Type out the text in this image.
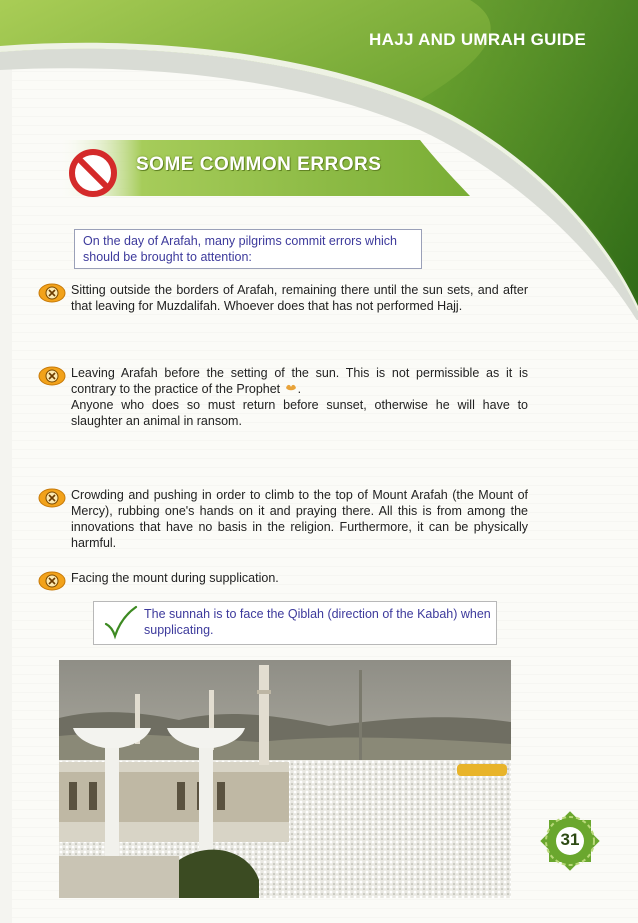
HAJJ AND UMRAH GUIDE
SOME COMMON ERRORS
On the day of Arafah, many pilgrims commit errors which should be brought to attention:

Sitting outside the borders of Arafah, remaining there until the sun sets, and after that leaving for Muzdalifah. Whoever does that has not performed Hajj.

Leaving Arafah before the setting of the sun. This is not permissible as it is contrary to the practice of the Prophet .

Anyone who does so must return before sunset, otherwise he will have to slaughter an animal in ransom.

Crowding and pushing in order to climb to the top of Mount Arafah (the Mount of Mercy), rubbing one's hands on it and praying there. All this is from among the innovations that have no basis in the religion. Furthermore, it can be physically harmful.

Facing the mount during supplication.

The sunnah is to face the Qiblah (direction of the Kabah) when supplicating.
31
